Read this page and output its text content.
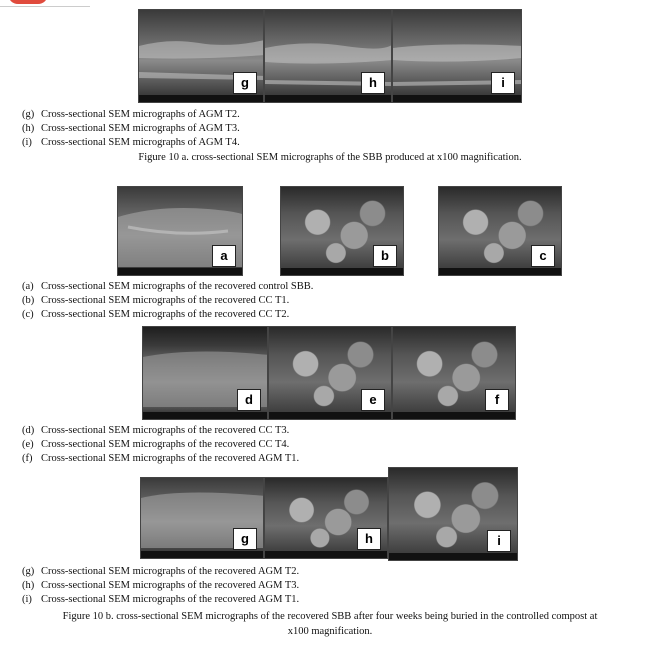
g	h	i
(g) Cross-sectional SEM micrographs of AGM T2.
(h) Cross-sectional SEM micrographs of AGM T3.
(i) Cross-sectional SEM micrographs of AGM T4.
Figure 10 a. cross-sectional SEM micrographs of the SBB produced at x100 magnification.
a	b	c
(a) Cross-sectional SEM micrographs of the recovered control SBB.
(b) Cross-sectional SEM micrographs of the recovered CC T1.
(c) Cross-sectional SEM micrographs of the recovered CC T2.
d	e	f
(d) Cross-sectional SEM micrographs of the recovered CC T3.
(e) Cross-sectional SEM micrographs of the recovered CC T4.
(f) Cross-sectional SEM micrographs of the recovered AGM T1.
g	h	i
(g) Cross-sectional SEM micrographs of the recovered AGM T2.
(h) Cross-sectional SEM micrographs of the recovered AGM T3.
(i) Cross-sectional SEM micrographs of the recovered AGM T1.
Figure 10 b. cross-sectional SEM micrographs of the recovered SBB after four weeks being buried in the controlled compost at
x100 magnification.
